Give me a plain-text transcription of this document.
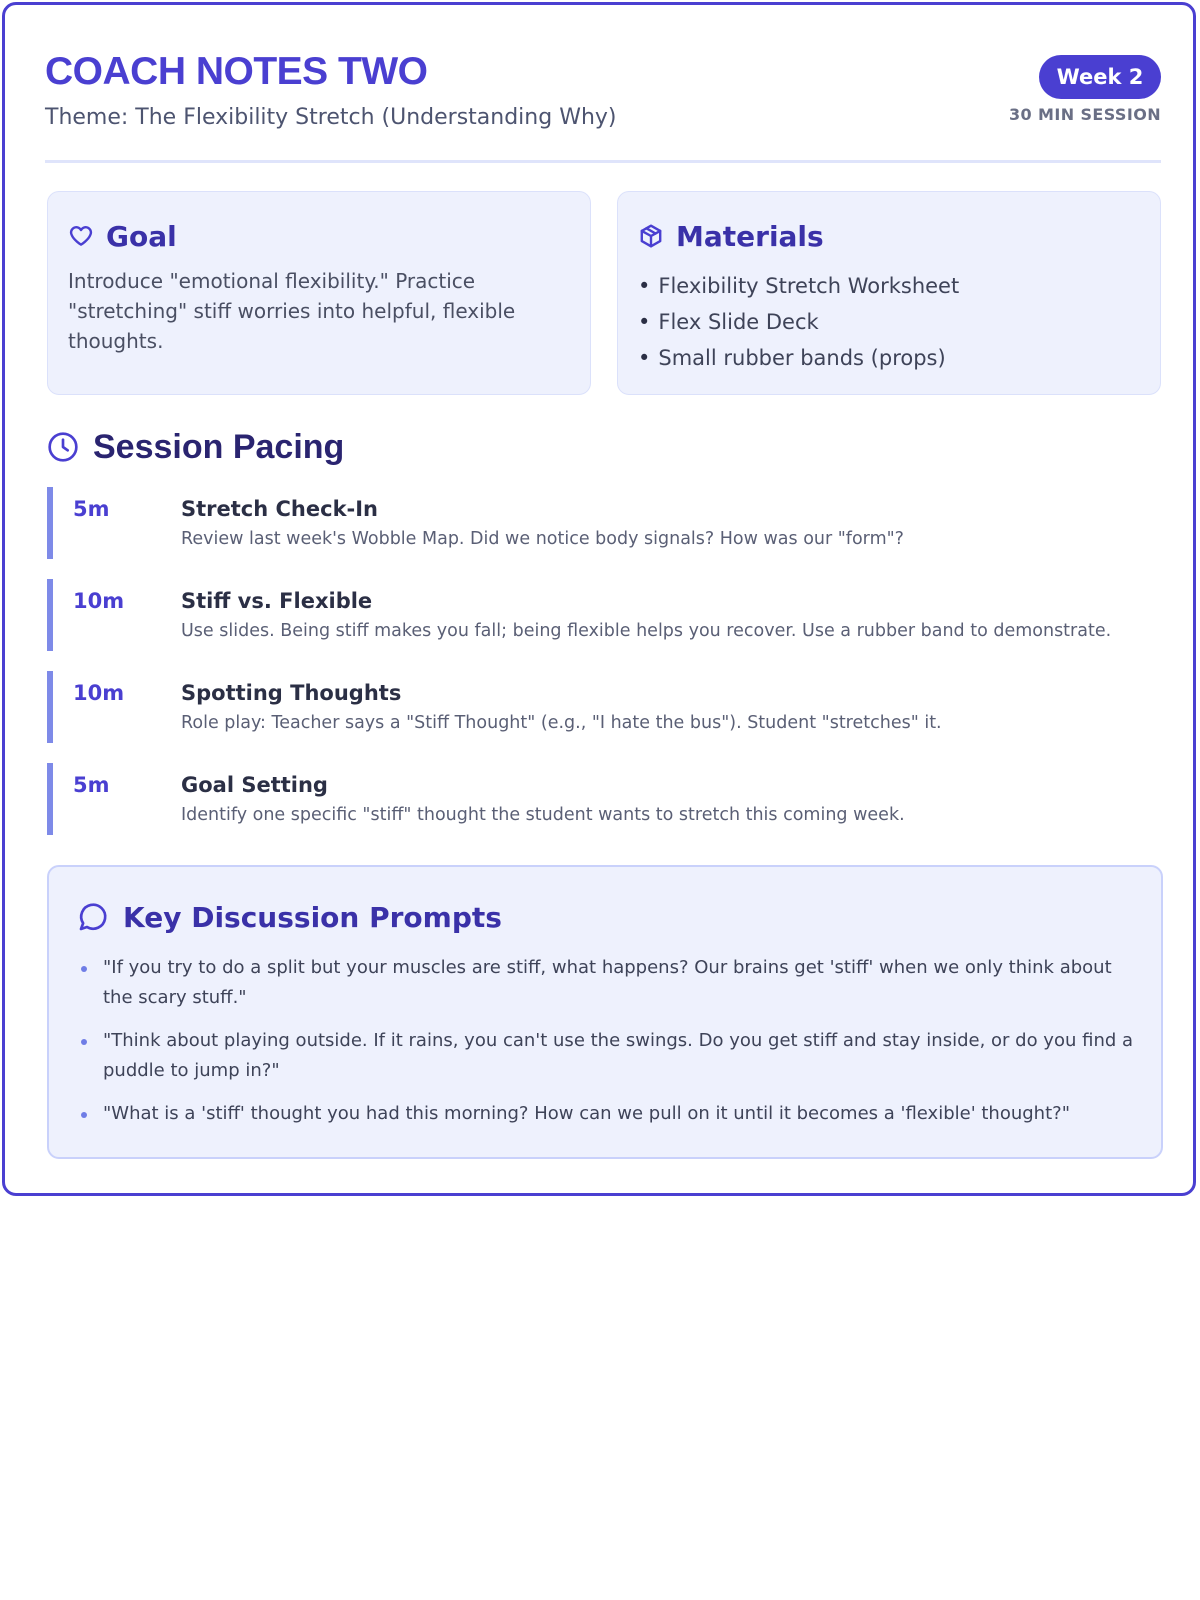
COACH NOTES TWO
Theme: The Flexibility Stretch (Understanding Why)
Week 2
30 MIN SESSION
Goal
Introduce "emotional flexibility." Practice "stretching" stiff worries into helpful, flexible thoughts.
Materials
• Flexibility Stretch Worksheet
• Flex Slide Deck
• Small rubber bands (props)
Session Pacing
5m	Stretch Check-In
Review last week's Wobble Map. Did we notice body signals? How was our "form"?
10m	Stiff vs. Flexible
Use slides. Being stiff makes you fall; being flexible helps you recover. Use a rubber band to demonstrate.
10m	Spotting Thoughts
Role play: Teacher says a "Stiff Thought" (e.g., "I hate the bus"). Student "stretches" it.
5m	Goal Setting
Identify one specific "stiff" thought the student wants to stretch this coming week.
Key Discussion Prompts
"If you try to do a split but your muscles are stiff, what happens? Our brains get 'stiff' when we only think about the scary stuff."
"Think about playing outside. If it rains, you can't use the swings. Do you get stiff and stay inside, or do you find a puddle to jump in?"
"What is a 'stiff' thought you had this morning? How can we pull on it until it becomes a 'flexible' thought?"
